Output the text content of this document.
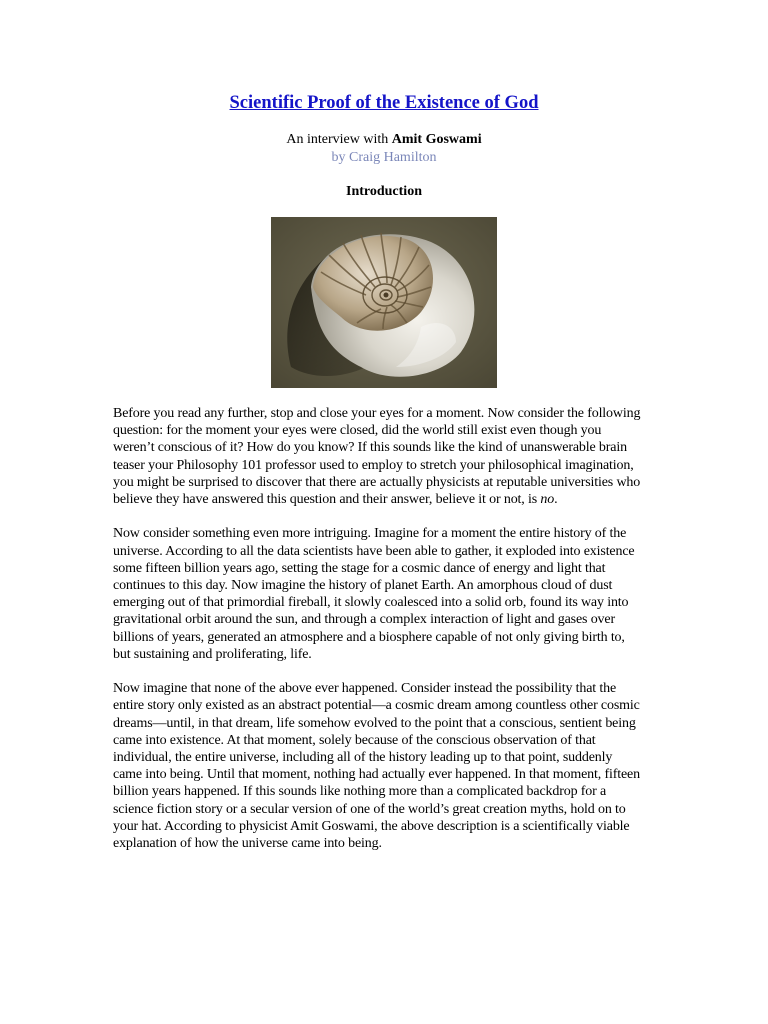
Scientific Proof of the Existence of God
An interview with Amit Goswami
by Craig Hamilton
Introduction

Before you read any further, stop and close your eyes for a moment. Now consider the following question: for the moment your eyes were closed, did the world still exist even though you weren’t conscious of it? How do you know? If this sounds like the kind of unanswerable brain teaser your Philosophy 101 professor used to employ to stretch your philosophical imagination, you might be surprised to discover that there are actually physicists at reputable universities who believe they have answered this question and their answer, believe it or not, is no.

Now consider something even more intriguing. Imagine for a moment the entire history of the universe. According to all the data scientists have been able to gather, it exploded into existence some fifteen billion years ago, setting the stage for a cosmic dance of energy and light that continues to this day. Now imagine the history of planet Earth. An amorphous cloud of dust emerging out of that primordial fireball, it slowly coalesced into a solid orb, found its way into gravitational orbit around the sun, and through a complex interaction of light and gases over billions of years, generated an atmosphere and a biosphere capable of not only giving birth to, but sustaining and proliferating, life.

Now imagine that none of the above ever happened. Consider instead the possibility that the entire story only existed as an abstract potential—a cosmic dream among countless other cosmic dreams—until, in that dream, life somehow evolved to the point that a conscious, sentient being came into existence. At that moment, solely because of the conscious observation of that individual, the entire universe, including all of the history leading up to that point, suddenly came into being. Until that moment, nothing had actually ever happened. In that moment, fifteen billion years happened. If this sounds like nothing more than a complicated backdrop for a science fiction story or a secular version of one of the world’s great creation myths, hold on to your hat. According to physicist Amit Goswami, the above description is a scientifically viable explanation of how the universe came into being.
